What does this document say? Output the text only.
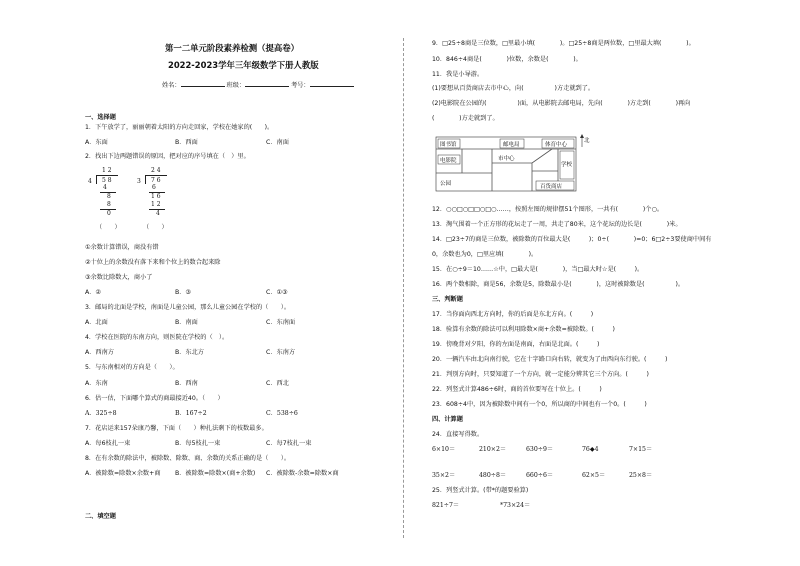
第一二单元阶段素养检测（提高卷）
2022-2023学年三年级数学下册人教版
姓名：	班级：	考号：
一、选择题
1．下午放学了，丽丽朝着太阳的方向走回家，学校在她家的(　　)。
A．东面	B．西面	C．南面
2．找出下边两题错误的原因，把对应的序号填在（　）里。
1 2
4 5 8
4
8
8
0
（　　）
2 4
3 7 6
6
1 6
1 2
4
（　　）
①余数计算错误，商没有错
②十位上的余数没有落下来和个位上的数合起来除
③余数比除数大，商小了
A．②	B．③	C．①③
3．邮局的北面是学校，南面是儿童公园，那么儿童公园在学校的（　　）。
A．北面	B．南面	C．东南面
4．学校在医院的东南方向，则医院在学校的（　）。
A．西南方	B．东北方	C．东南方
5．与东南相对的方向是（　　）。
A．东南	B．西南	C．西北
6．估一估，下面哪个算式的商最接近40。（　　）
A．325÷8	B．167÷2	C．538÷6
7．花店运来157朵康乃馨，下面（　　）种扎法剩下的枝数最多。
A．每6枝扎一束	B．每5枝扎一束	C．每7枝扎一束
8．在有余数的除法中，被除数、除数、商、余数的关系正确的是（　　）。
A．被除数=除数×余数+商 B．被除数=除数×(商+余数) C．被除数-余数=除数×商
二、填空题
9．□25÷8商是三位数，□里最小填(　　　　)。□25÷8商是两位数，□里最大填(　　　　)。
10．846÷4商是(　　　　)位数，余数是(　　　　)。
11．我是小导游。
(1)要想从百货商店去市中心，向(　　　　　)方走就到了。
(2)电影院在公园的(　　　　　)面，从电影院去邮电局，先向(　　　　)方走到(　　　　)再向
(　　　　)方走就到了。
图书馆	邮电局	体育中心
电影院	市中心
学校
公园	百货商店
北
12．○○□○□□○□○……，按照左图的规律摆51个图形，一共有(　　　　)个○。
13．淘气围着一个正方形的花坛走了一周，共走了80米，这个花坛的边长是(　　　　)米。
14．□23÷7的商是三位数，被除数的百位最大是(　　　)；0÷(　　　　)=0；6□2÷3要使商中间有
0，余数也为0，□里应填(　　　　)。
15．在○÷9＝10……☆中，□最大是(　　　　)，当□最大时☆是(　　　)。
16．两个数相除，商是56，余数是5，除数最小是(　　　　)，这时被除数是(　　　　　)。
三、判断题
17．当你面向西北方向时，你的后面是东北方向。(　　　)
18．验算有余数的除法可以利用除数×商+余数=被除数。(　　　)
19．傍晚背对夕阳，你的左面是南面，右面是北面。(　　　)
20．一辆汽车由北向南行驶，它在十字路口向右转，就变为了由西向东行驶。(　　　)
21．判别方向时，只要知道了一个方向，就一定能分辨其它三个方向。(　　　)
22．列竖式计算486÷6时，商的首位要写在十位上。(　　　)
23．608÷4中，因为被除数中间有一个0，所以商的中间也有一个0。(　　　)
四、计算题
24．直接写得数。
6×10＝	210×2＝	630÷9＝	76◆4	7×15＝
35×2＝	480÷8＝	660÷6＝	62×5＝	25×8＝
25．列竖式计算。(带*的题要验算)
821÷7＝	*73×24＝
